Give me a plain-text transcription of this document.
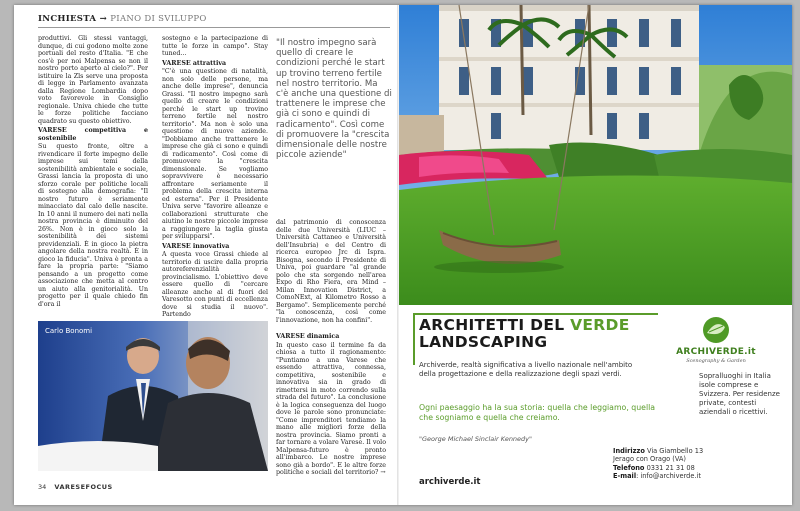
INCHIESTA → PIANO DI SVILUPPO

produttivi. Gli stessi vantaggi, dunque, di cui godono molte zone portuali del resto d'Italia. "E che cos'è per noi Malpensa se non il nostro porto aperto al cielo?". Per istituire la Zls serve una proposta di legge in Parlamento avanzata dalla Regione Lombardia dopo voto favorevole in Consiglio regionale. Univa chiede che tutte le forze politiche facciano quadrato su questo obiettivo.

VARESE competitiva e sostenibile

Su questo fronte, oltre a rivendicare il forte impegno delle imprese sui temi della sostenibilità ambientale e sociale, Grassi lancia la proposta di uno sforzo corale per politiche locali di sostegno alla demografia: "Il nostro futuro è seriamente minacciato dal calo delle nascite. In 10 anni il numero dei nati nella nostra provincia è diminuito del 26%. Non è in gioco solo la sostenibilità dei sistemi previdenziali. È in gioco la pietra angolare della nostra realtà. È in gioco la fiducia". Univa è pronta a fare la propria parte: "Siamo pensando a un progetto come associazione che metta al centro un aiuto alla genitorialità. Un progetto per il quale chiedo fin d'ora il

sostegno e la partecipazione di tutte le forze in campo". Stay tuned...

VARESE attrattiva

"C'è una questione di natalità, non solo delle persone, ma anche delle imprese", denuncia Grassi. "Il nostro impegno sarà quello di creare le condizioni perché le start up trovino terreno fertile nel nostro territorio". Ma non è solo una questione di nuove aziende. "Dobbiamo anche trattenere le imprese che già ci sono e quindi di radicamento". Così come di promuovere la "crescita dimensionale. Se vogliamo sopravvivere è necessario affrontare seriamente il problema della crescita interna ed esterna". Per il Presidente Univa serve "favorire alleanze e collaborazioni strutturate che aiutino le nostre piccole imprese a raggiungere la taglia giusta per svilupparsi".

VARESE innovativa

A questa voce Grassi chiede al territorio di uscire dalla propria autoreferenzialità e provincialismo. L'obiettivo deve essere quello di "cercare alleanze anche al di fuori del Varesotto con punti di eccellenza dove si studia il nuovo". Partendo

"Il nostro impegno sarà quello di creare le condizioni perché le start up trovino terreno fertile nel nostro territorio. Ma c'è anche una questione di trattenere le imprese che già ci sono e quindi di radicamento". Così come di promuovere la "crescita dimensionale delle nostre piccole aziende"

dal patrimonio di conoscenza delle due Università (LIUC – Università Cattaneo e Università dell'Insubria) e del Centro di ricerca europeo Jrc di Ispra. Bisogna, secondo il Presidente di Univa, poi guardare "al grande polo che sta sorgendo nell'area Expo di Rho Fiera, era Mind – Milan Innovation District, a ComoNExt, al Kilometro Rosso a Bergamo". Semplicemente perché "la conoscenza, così come l'innovazione, non ha confini".

VARESE dinamica

In questo caso il termine fa da chiosa a tutto il ragionamento: "Puntiamo a una Varese che essendo attrattiva, connessa, competitiva, sostenibile e innovativa sia in grado di rimettersi in moto correndo sulla strada del futuro". La conclusione è la logica conseguenza del luogo dove le parole sono pronunciate: "Come imprenditori tendiamo la mano alle migliori forze della nostra provincia. Siamo pronti a far tornare a volare Varese. Il volo Malpensa-futuro è pronto all'imbarco. Le nostre imprese sono già a bordo". E le altre forze politiche e sociali del territorio? →

Carlo Bonomi
34 VARESEFOCUS
ARCHITETTI DEL VERDE
LANDSCAPING
ARCHIVERDE.it
Scenography & Garden
Archiverde, realtà significativa a livello nazionale nell'ambito della progettazione e della realizzazione degli spazi verdi.	Sopralluoghi in Italia isole comprese e Svizzera. Per residenze private, contesti aziendali o ricettivi.
Ogni paesaggio ha la sua storia: quella che leggiamo, quella che sogniamo e quella che creiamo.
"George Michael Sinclair Kennedy"
Indirizzo Via Giambello 13
Jerago con Orago (VA)
Telefono 0331 21 31 08
E-mail: info@archiverde.it
archiverde.it
